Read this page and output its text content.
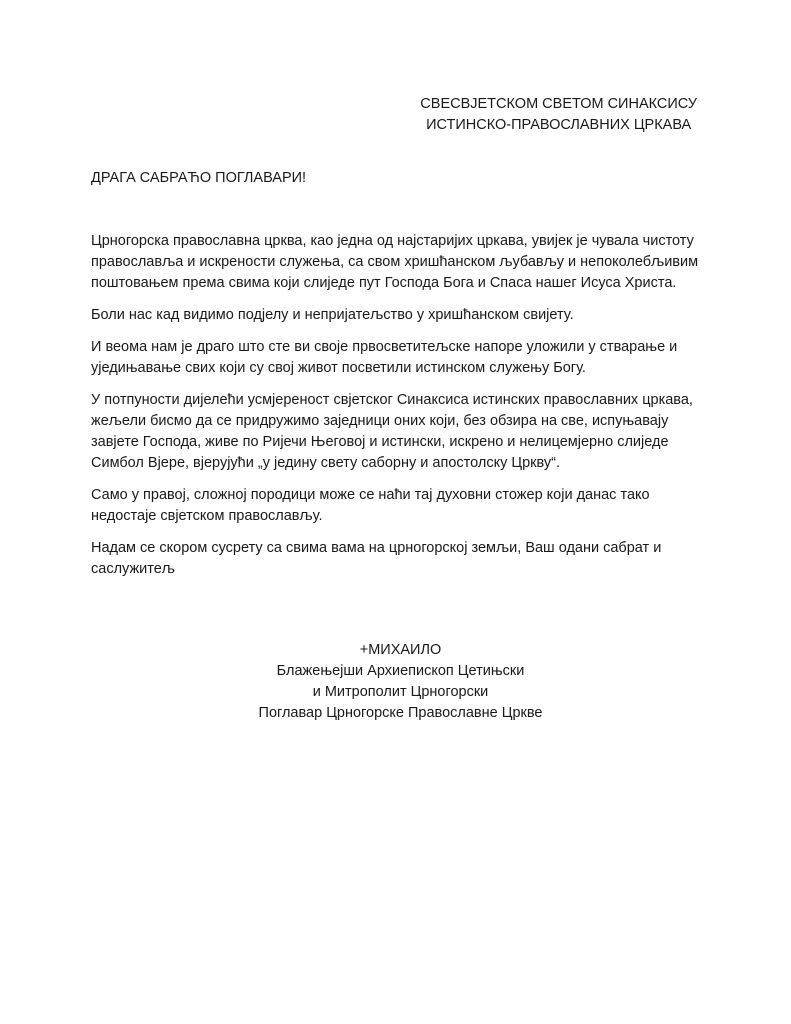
СВЕСВЈЕТСКОМ СВЕТОМ СИНАКСИСУ
ИСТИНСКО-ПРАВОСЛАВНИХ ЦРКАВА

ДРАГА САБРАЋО ПОГЛАВАРИ!

Црногорска православна црква, као једна од најстаријих цркава, увијек је чувала чистоту православља и искрености служења, са свом хришћанском љубављу и непоколебљивим поштовањем према свима који слиједе пут Господа Бога и Спаса нашег Исуса Христа.

Боли нас кад видимо подјелу и непријатељство у хришћанском свијету.

И веома нам је драго што сте ви своје првосветитељске напоре уложили у стварање и уједињавање свих који су свој живот посветили истинском служењу Богу.

У потпуности дијелећи усмјереност свјетског Синаксиса истинских православних цркава, жељели бисмо да се придружимо заједници оних који, без обзира на све, испуњавају завјете Господа, живе по Ријечи Његовој и истински, искрено и нелицемјерно слиједе Симбол Вјере, вјерујући „у једину свету саборну и апостолску Цркву“.

Само у правој, сложној породици може се наћи тај духовни стожер који данас тако недостаје свјетском православљу.

Надам се скором сусрету са свима вама на црногорској земљи, Ваш одани сабрат и саслужитељ

+МИХАИЛО
Блажењејши Архиепископ Цетињски
и Митрополит Црногорски
Поглавар Црногорске Православне Цркве
